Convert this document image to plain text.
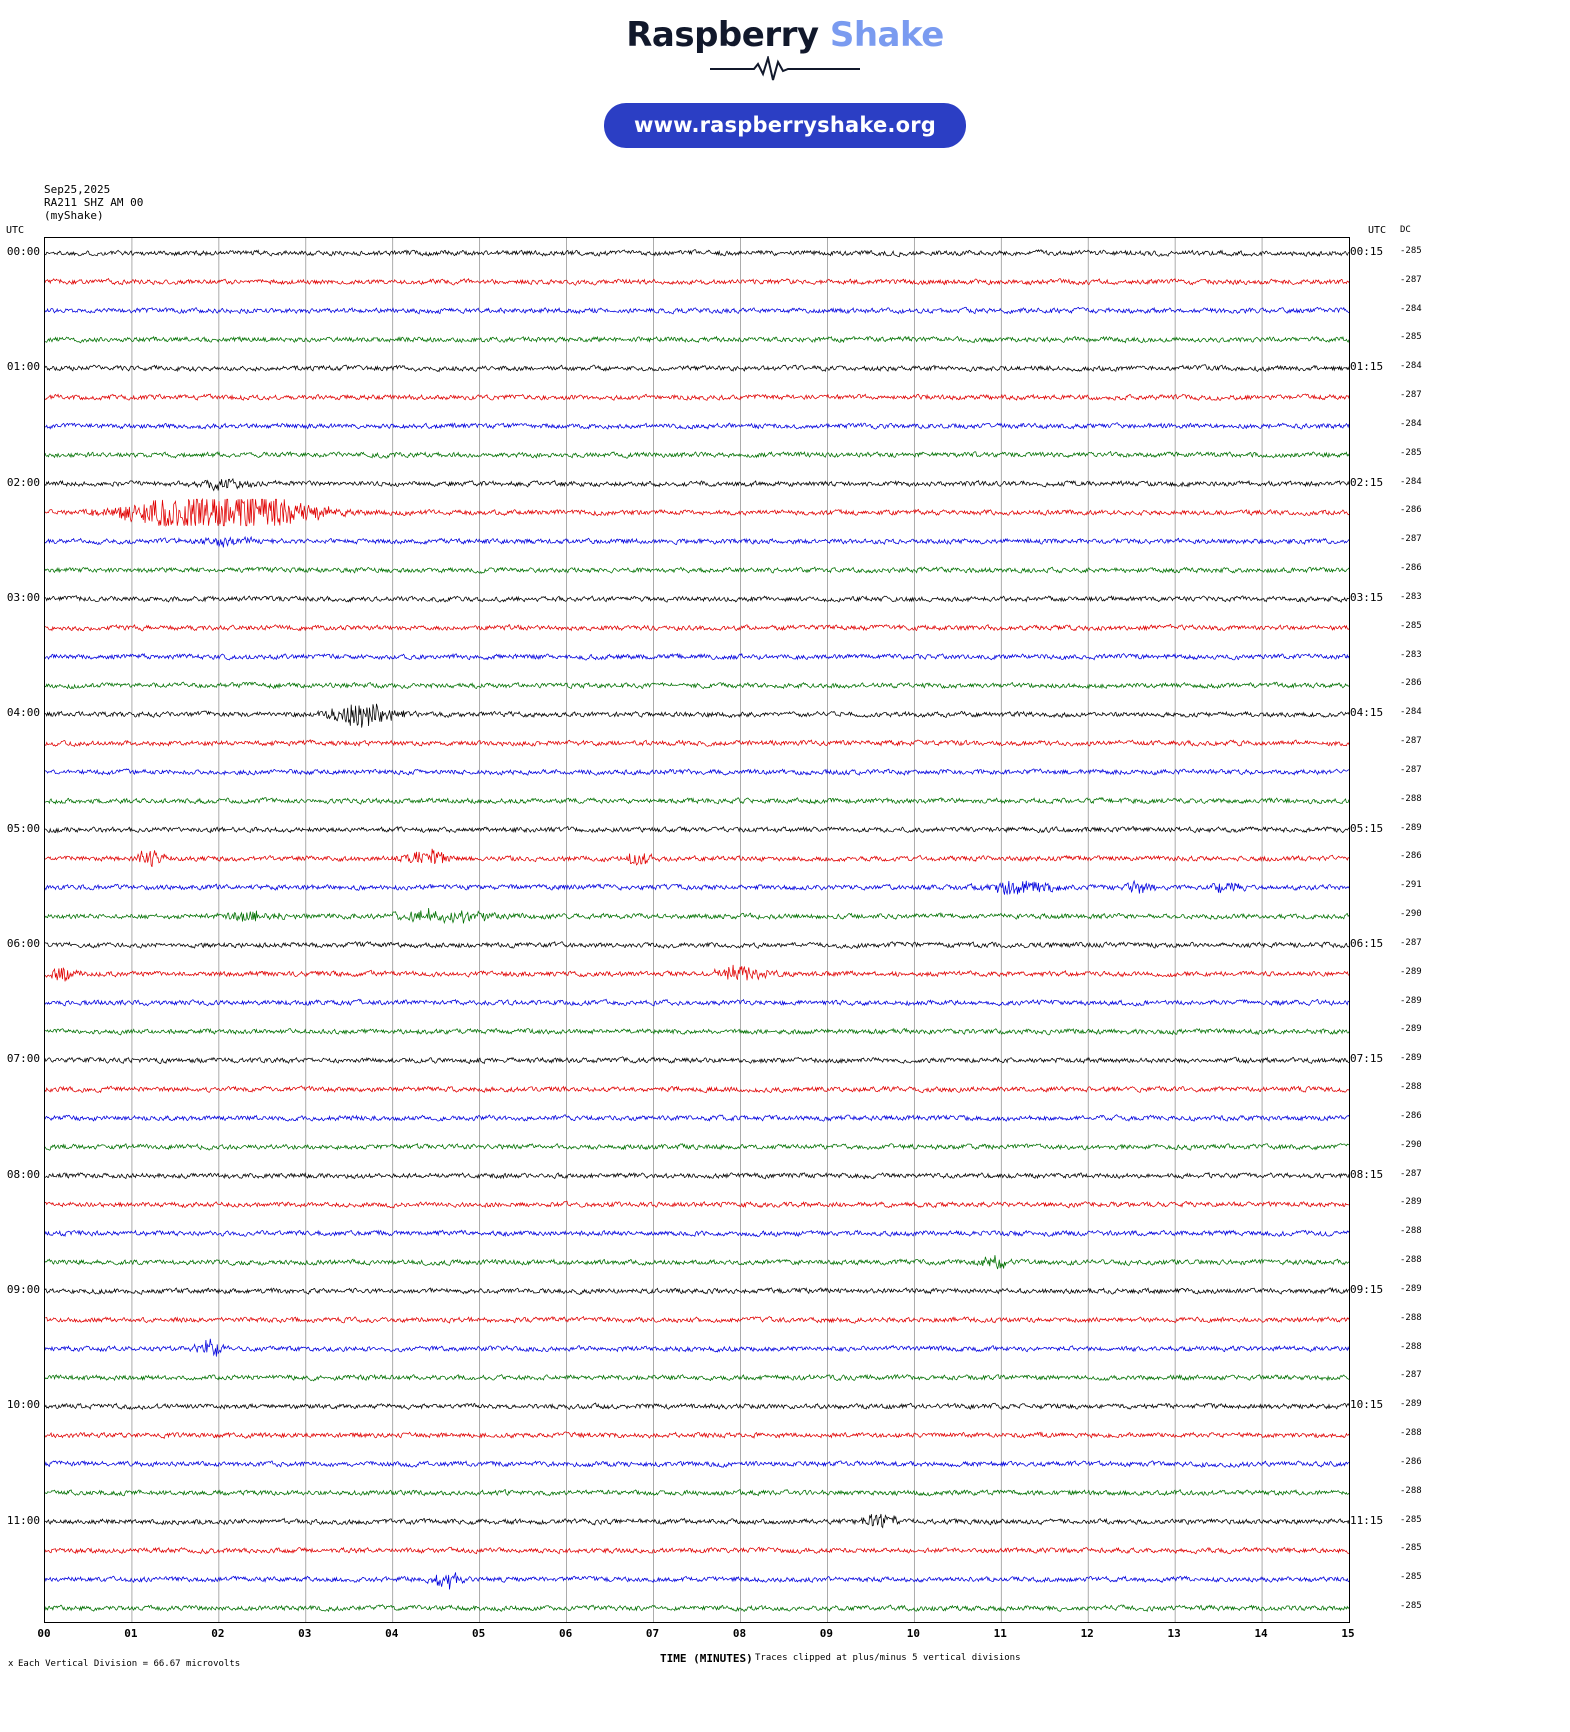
Raspberry Shake
www.raspberryshake.org
Sep25,2025
RA211 SHZ AM 00
(myShake)
UTC	UTC DC
00:00	00:15 -285
-287
-284
-285
01:00	01:15 -284
-287
-284
-285
02:00	02:15 -284
-286
-287
-286
03:00	03:15 -283
-285
-283
-286
04:00	04:15 -284
-287
-287
-288
05:00	05:15 -289
-286
-291
-290
06:00	06:15 -287
-289
-289
-289
07:00	07:15 -289
-288
-286
-290
08:00	08:15 -287
-289
-288
-288
09:00	09:15 -289
-288
-288
-287
10:00	10:15 -289
-288
-286
-288
11:00	11:15 -285
-285
-285
-285
00	01	02	03	04	05	06	07	08	09	10	11	12	13	14	15
TIME (MINUTES) Traces clipped at plus/minus 5 vertical divisions
x Each Vertical Division = 66.67 microvolts
